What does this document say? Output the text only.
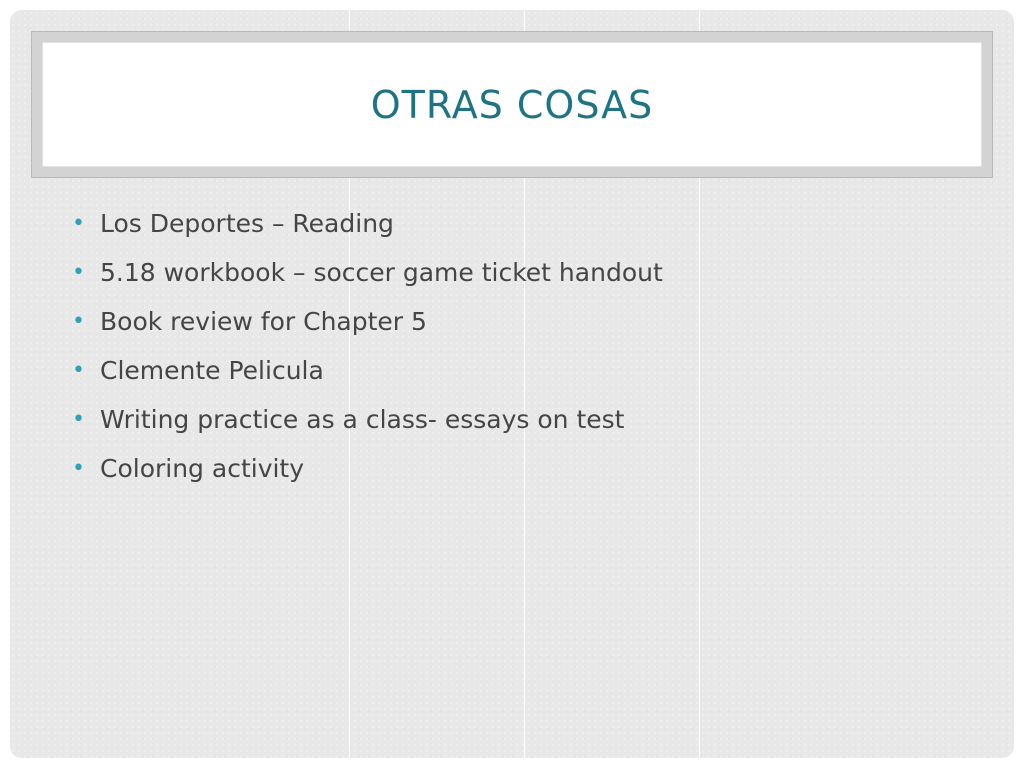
OTRAS COSAS
• Los Deportes – Reading
• 5.18 workbook – soccer game ticket handout
• Book review for Chapter 5
• Clemente Pelicula
• Writing practice as a class- essays on test
• Coloring activity
